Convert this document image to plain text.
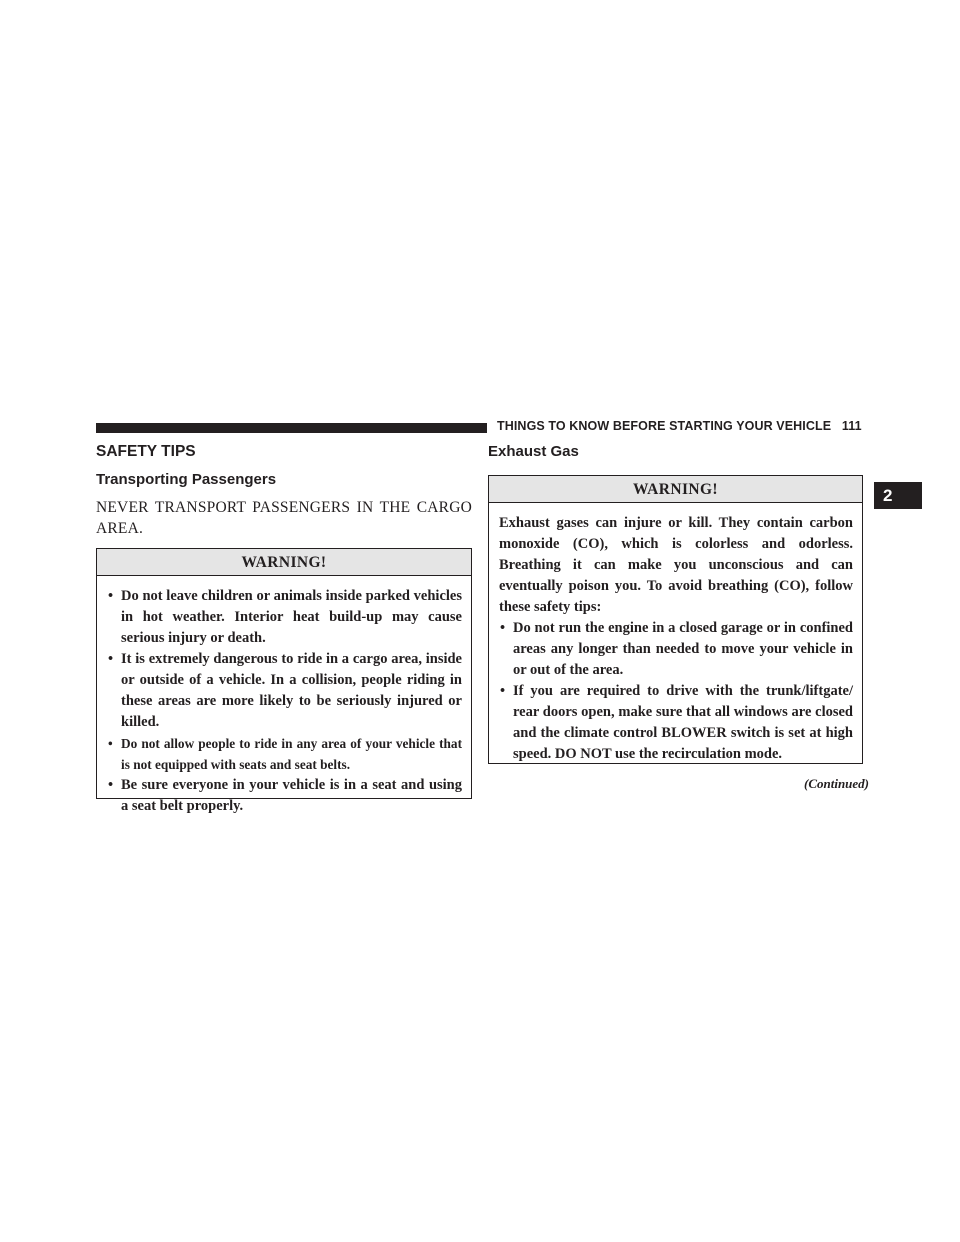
THINGS TO KNOW BEFORE STARTING YOUR VEHICLE 111
2
SAFETY TIPS
Transporting Passengers
NEVER TRANSPORT PASSENGERS IN THE CARGO AREA.
WARNING!
• Do not leave children or animals inside parked vehicles in hot weather. Interior heat build-up may cause serious injury or death.
• It is extremely dangerous to ride in a cargo area, inside or outside of a vehicle. In a collision, people riding in these areas are more likely to be seriously injured or killed.
• Do not allow people to ride in any area of your vehicle that is not equipped with seats and seat belts.
• Be sure everyone in your vehicle is in a seat and using a seat belt properly.
Exhaust Gas
WARNING!
Exhaust gases can injure or kill. They contain carbon monoxide (CO), which is colorless and odorless. Breathing it can make you unconscious and can eventually poison you. To avoid breathing (CO), follow these safety tips:
• Do not run the engine in a closed garage or in confined areas any longer than needed to move your vehicle in or out of the area.
• If you are required to drive with the trunk/liftgate/ rear doors open, make sure that all windows are closed and the climate control BLOWER switch is set at high speed. DO NOT use the recirculation mode.
(Continued)
